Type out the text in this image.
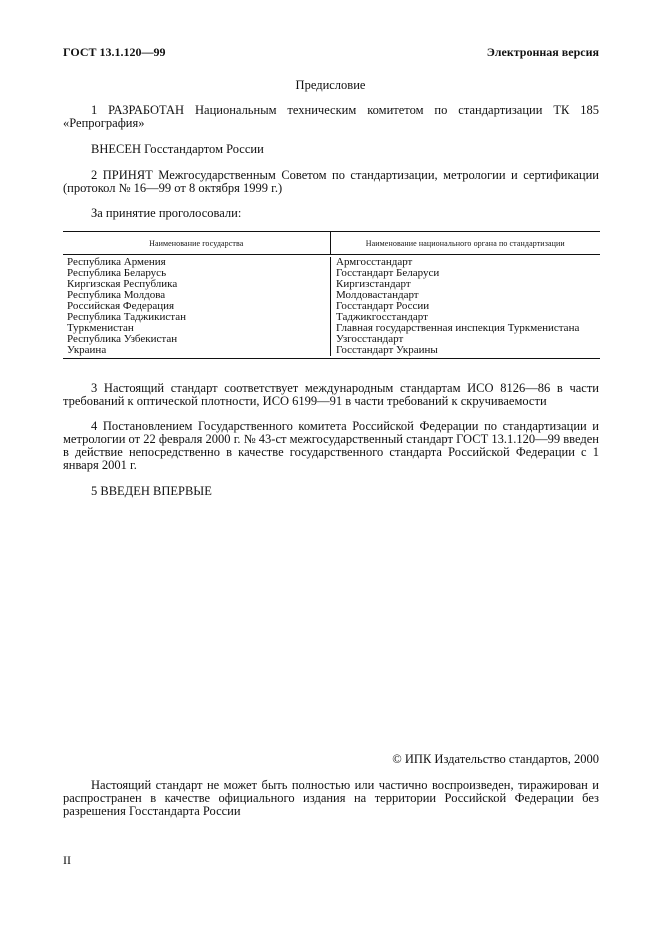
ГОСТ 13.1.120—99	Электронная версия
Предисловие

1 РАЗРАБОТАН Национальным техническим комитетом по стандартизации ТК 185 «Репрография»

ВНЕСЕН Госстандартом России

2 ПРИНЯТ Межгосударственным Советом по стандартизации, метрологии и сертификации (протокол № 16—99 от 8 октября 1999 г.)

За принятие проголосовали:

Наименование государства	Наименование национального органа по стандартизации
Республика Армения
Республика Беларусь
Киргизская Республика
Республика Молдова
Российская Федерация
Республика Таджикистан
Туркменистан
Республика Узбекистан
Украина
Армгосстандарт
Госстандарт Беларуси
Киргизстандарт
Молдовастандарт
Госстандарт России
Таджикгосстандарт
Главная государственная инспекция Туркменистана
Узгосстандарт
Госстандарт Украины

3 Настоящий стандарт соответствует международным стандартам ИСО 8126—86 в части требований к оптической плотности, ИСО 6199—91 в части требований к скручиваемости

4 Постановлением Государственного комитета Российской Федерации по стандартизации и метрологии от 22 февраля 2000 г. № 43-ст межгосударственный стандарт ГОСТ 13.1.120—99 введен в действие непосредственно в качестве государственного стандарта Российской Федерации с 1 января 2001 г.

5 ВВЕДЕН ВПЕРВЫЕ

© ИПК Издательство стандартов, 2000

Настоящий стандарт не может быть полностью или частично воспроизведен, тиражирован и распространен в качестве официального издания на территории Российской Федерации без разрешения Госстандарта России

II
